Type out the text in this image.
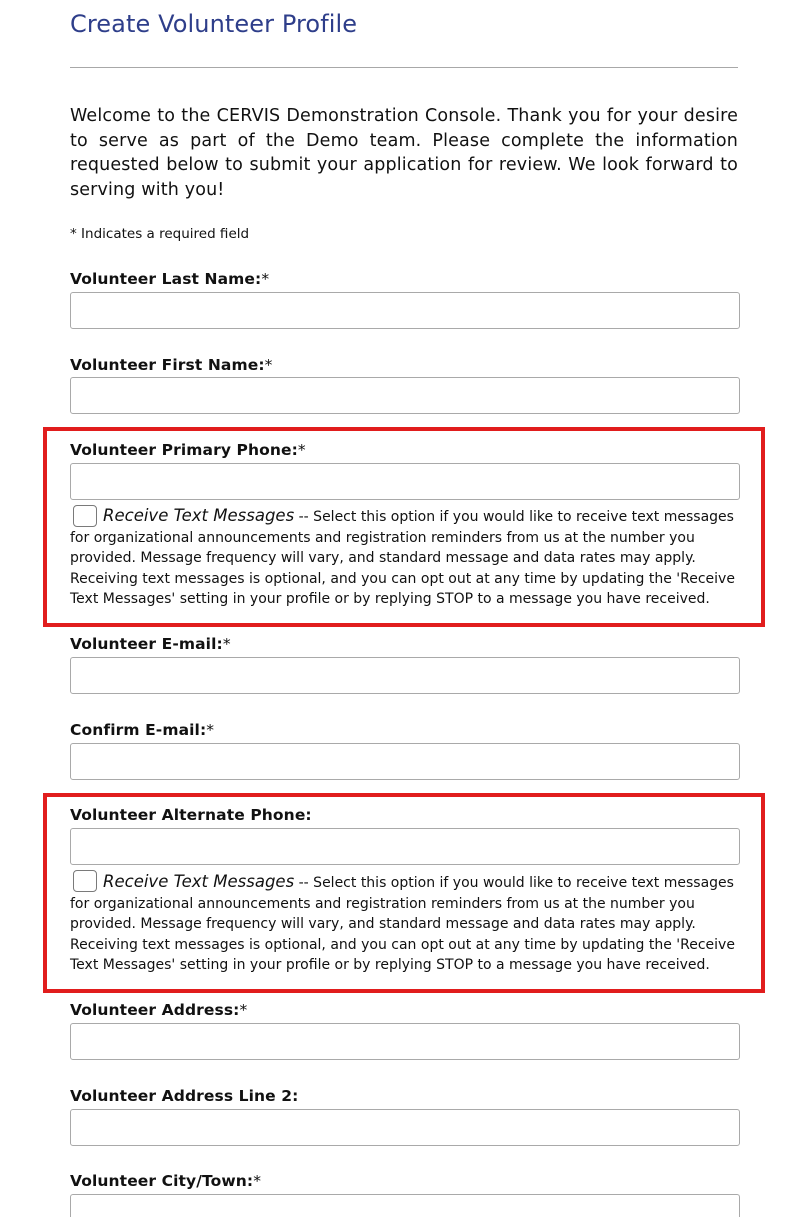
Create Volunteer Profile

Welcome to the CERVIS Demonstration Console. Thank you for your desire to serve as part of the Demo team. Please complete the information requested below to submit your application for review. We look forward to serving with you!

* Indicates a required field

Volunteer Last Name:*
Volunteer First Name:*
Volunteer Primary Phone:*

Receive Text Messages -- Select this option if you would like to receive text messages for organizational announcements and registration reminders from us at the number you provided. Message frequency will vary, and standard message and data rates may apply. Receiving text messages is optional, and you can opt out at any time by updating the 'Receive Text Messages' setting in your profile or by replying STOP to a message you have received.

Volunteer E-mail:*
Confirm E-mail:*
Volunteer Alternate Phone:

Receive Text Messages -- Select this option if you would like to receive text messages for organizational announcements and registration reminders from us at the number you provided. Message frequency will vary, and standard message and data rates may apply. Receiving text messages is optional, and you can opt out at any time by updating the 'Receive Text Messages' setting in your profile or by replying STOP to a message you have received.

Volunteer Address:*
Volunteer Address Line 2:
Volunteer City/Town:*
